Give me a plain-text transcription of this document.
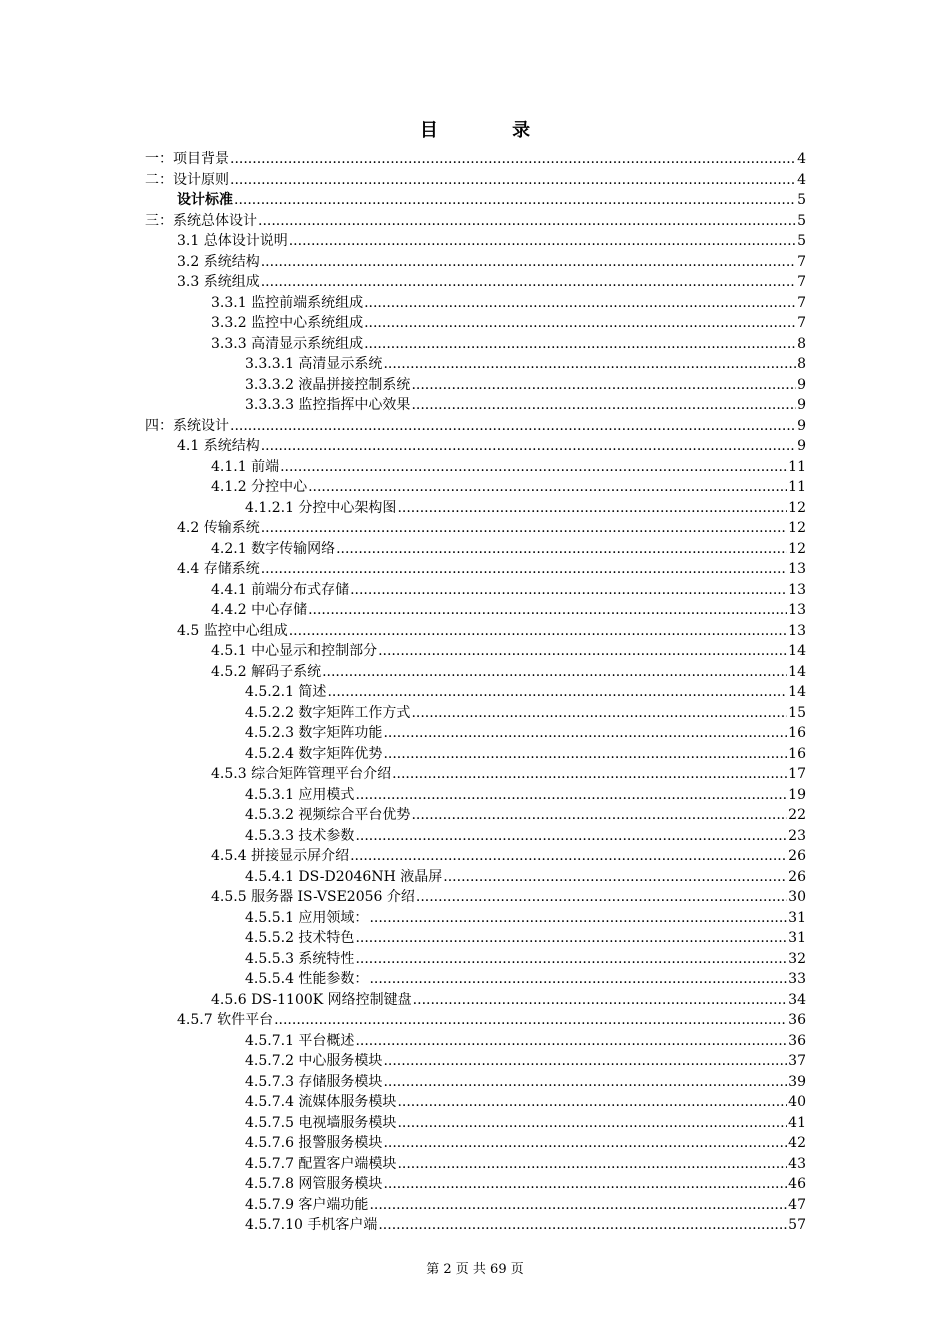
目 录
一：项目背景 .....	4
二：设计原则 .....	4
设计标准 .....	5
三：系统总体设计 .....	5
3.1 总体设计说明 .....	5
3.2 系统结构 .....	7
3.3 系统组成 .....	7
3.3.1 监控前端系统组成 .....	7
3.3.2 监控中心系统组成 .....	7
3.3.3 高清显示系统组成 .....	8
3.3.3.1 高清显示系统 .....	8
3.3.3.2 液晶拼接控制系统 .....	9
3.3.3.3 监控指挥中心效果 .....	9
四：系统设计 .....	9
4.1 系统结构 .....	9
4.1.1 前端 .....	11
4.1.2 分控中心 .....	11
4.1.2.1 分控中心架构图 .....	12
4.2 传输系统 .....	12
4.2.1 数字传输网络 .....	12
4.4 存储系统 .....	13
4.4.1 前端分布式存储 .....	13
4.4.2 中心存储 .....	13
4.5 监控中心组成 .....	13
4.5.1 中心显示和控制部分 .....	14
4.5.2 解码子系统 .....	14
4.5.2.1 简述 .....	14
4.5.2.2 数字矩阵工作方式 .....	15
4.5.2.3 数字矩阵功能 .....	16
4.5.2.4 数字矩阵优势 .....	16
4.5.3 综合矩阵管理平台介绍 .....	17
4.5.3.1 应用模式 .....	19
4.5.3.2 视频综合平台优势 .....	22
4.5.3.3 技术参数 .....	23
4.5.4 拼接显示屏介绍 .....	26
4.5.4.1 DS-D2046NH 液晶屏 .....	26
4.5.5 服务器 IS-VSE2056 介绍 .....	30
4.5.5.1 应用领域： .....	31
4.5.5.2 技术特色 .....	31
4.5.5.3 系统特性 .....	32
4.5.5.4 性能参数： .....	33
4.5.6 DS-1100K 网络控制键盘 .....	34
4.5.7 软件平台 .....	36
4.5.7.1 平台概述 .....	36
4.5.7.2 中心服务模块 .....	37
4.5.7.3 存储服务模块 .....	39
4.5.7.4 流媒体服务模块 .....	40
4.5.7.5 电视墙服务模块 .....	41
4.5.7.6 报警服务模块 .....	42
4.5.7.7 配置客户端模块 .....	43
4.5.7.8 网管服务模块 .....	46
4.5.7.9 客户端功能 .....	47
4.5.7.10 手机客户端 .....	57
第 2 页 共 69 页
